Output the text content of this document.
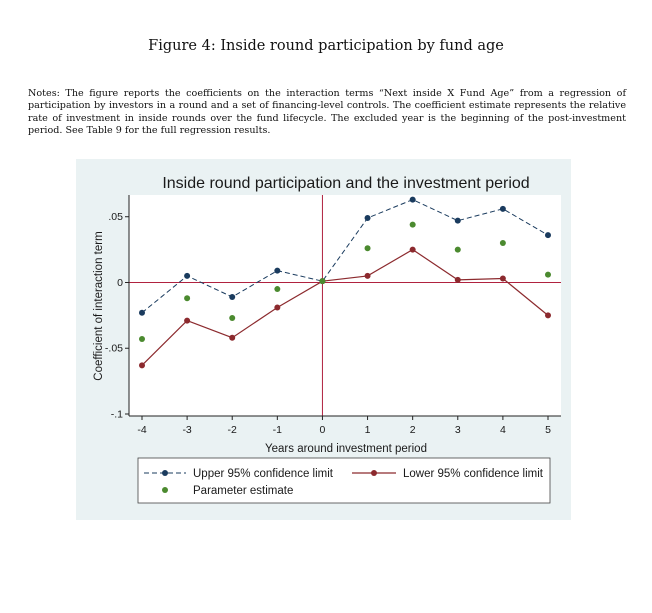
Figure 4: Inside round participation by fund age
Notes: The figure reports the coefficients on the interaction terms “Next inside X Fund Age” from a regression of participation by investors in a round and a set of financing-level controls. The coefficient estimate represents the relative rate of investment in inside rounds over the fund lifecycle. The excluded year is the beginning of the post-investment period. See Table 9 for the full regression results.
Inside round participation and the investment period
.05
0
-.05
-.1
-4	-3	-2	-1	0	1	2	3	4	5
Years around investment period
Coefficient of interaction term
Upper 95% confidence limit	Lower 95% confidence limit
Parameter estimate
